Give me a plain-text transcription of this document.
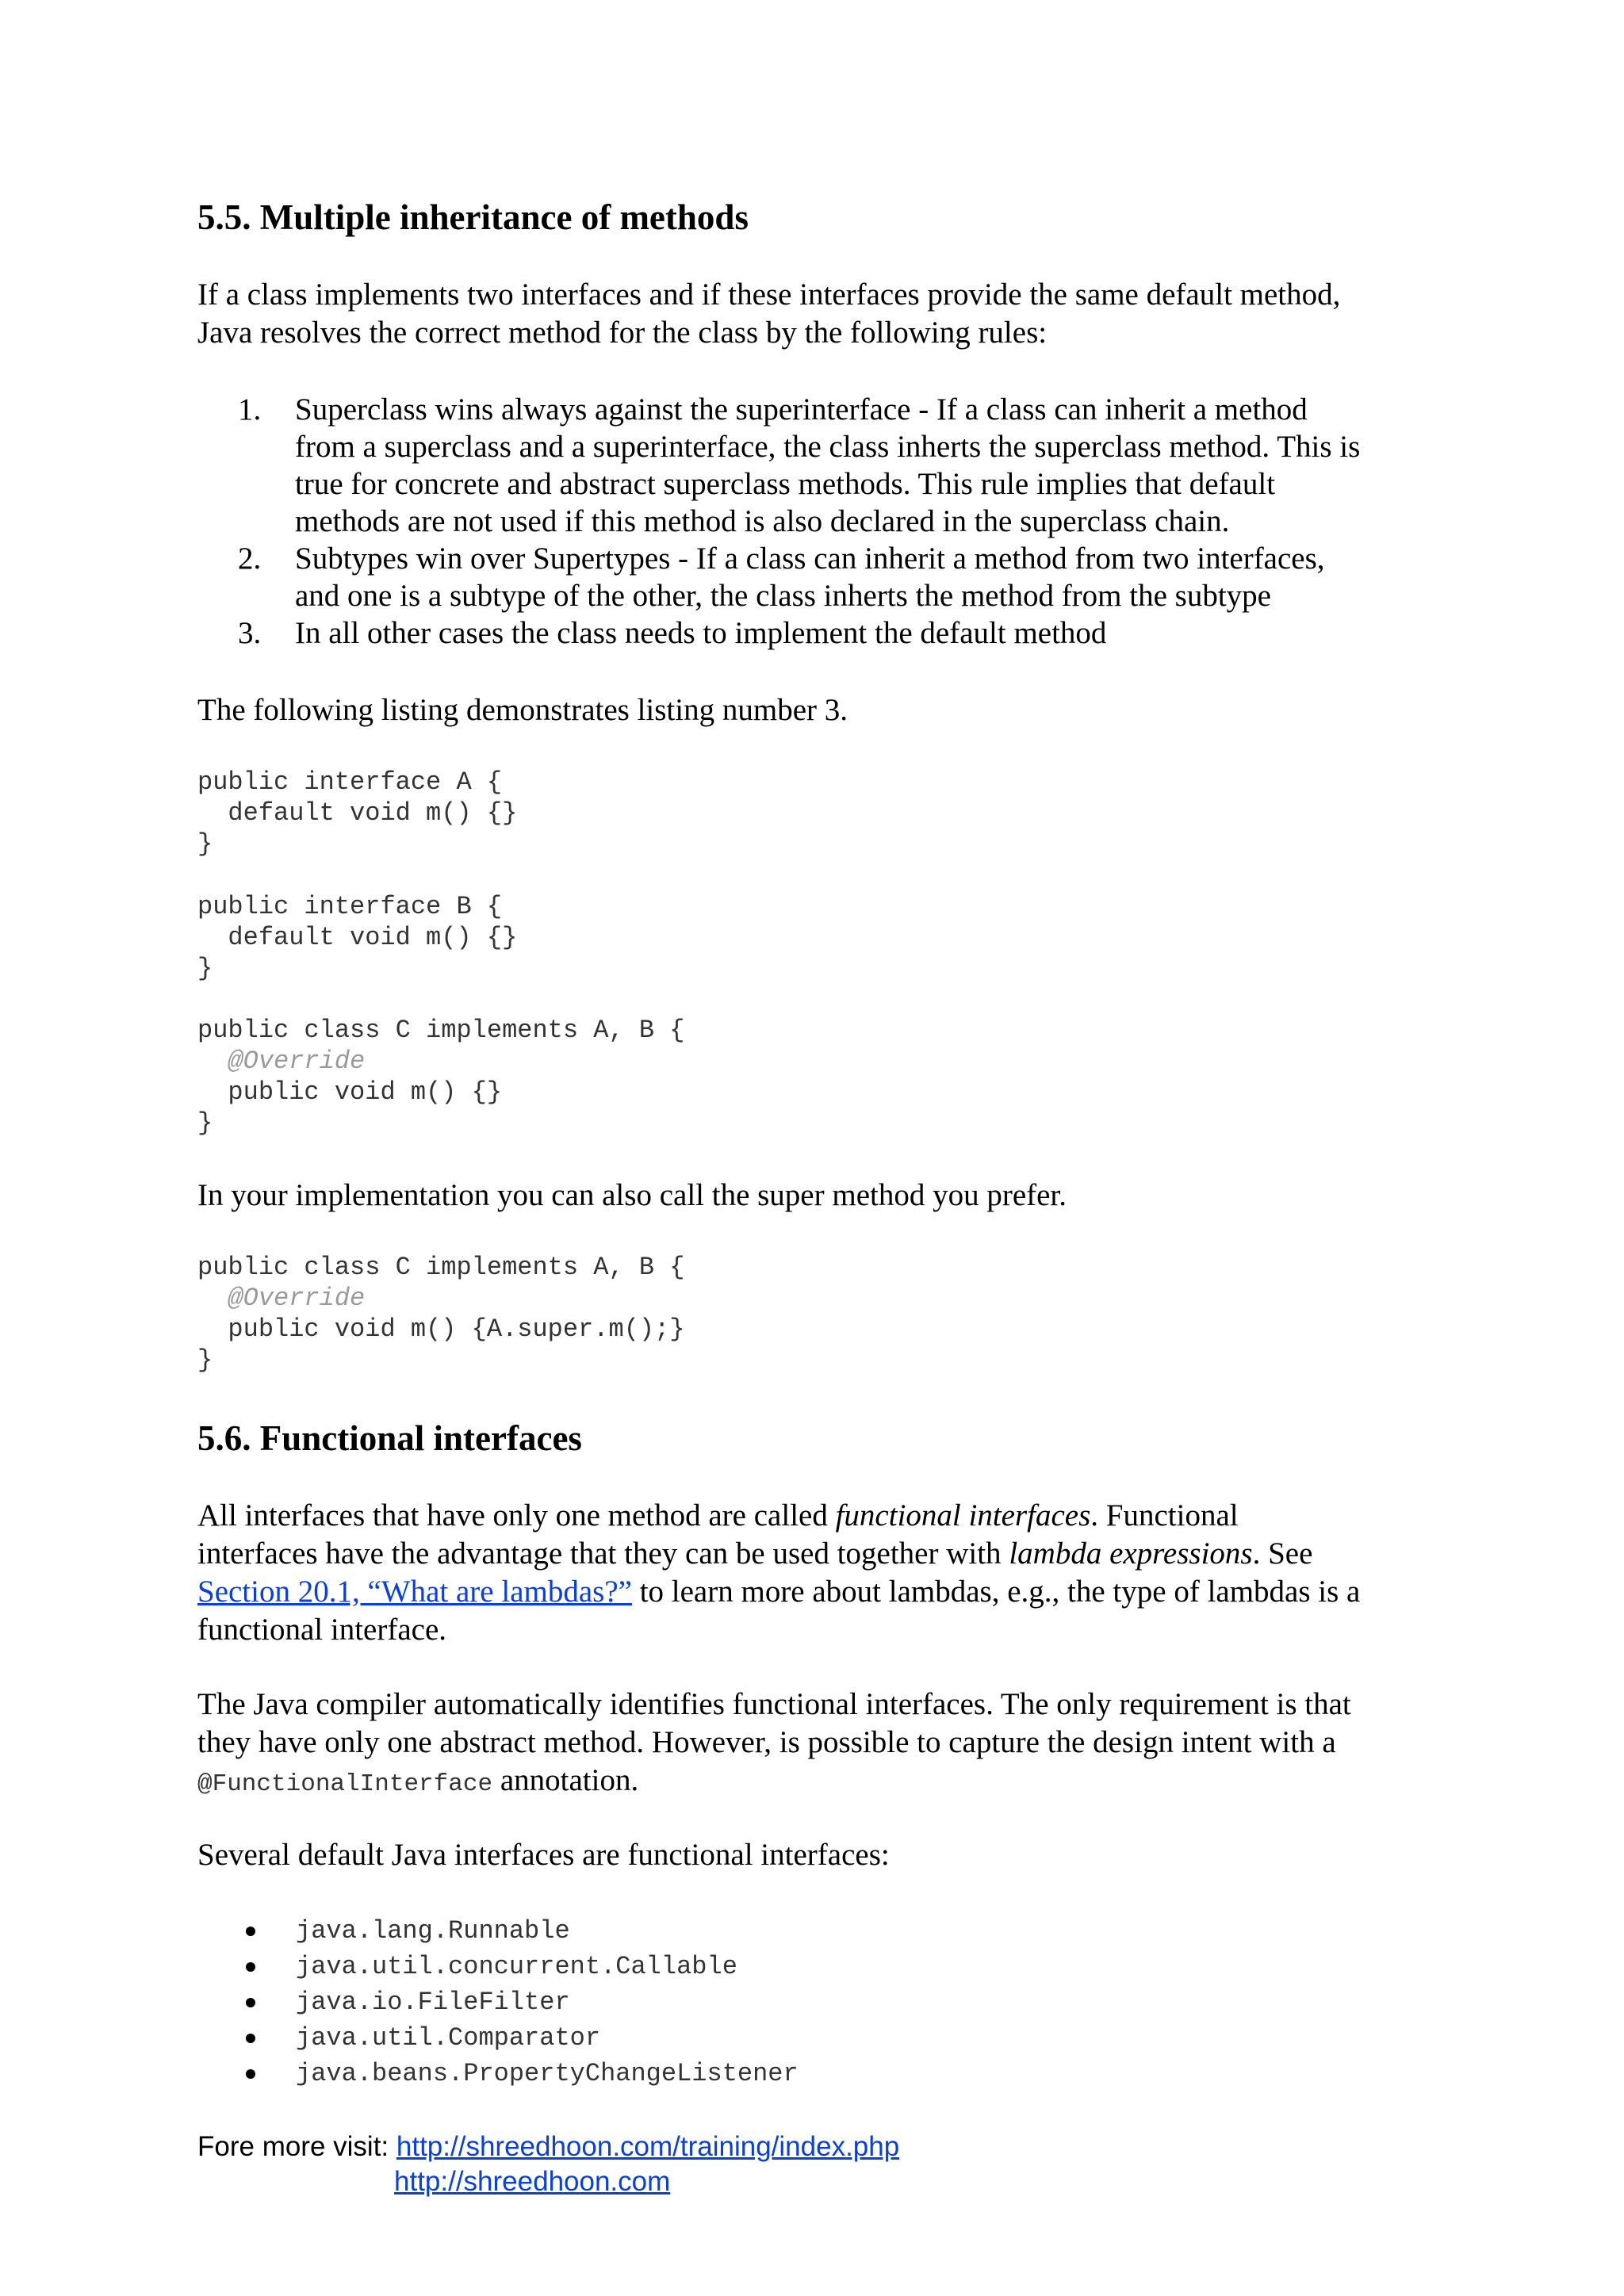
5.5. Multiple inheritance of methods

If a class implements two interfaces and if these interfaces provide the same default method,
Java resolves the correct method for the class by the following rules:

1.	Superclass wins always against the superinterface - If a class can inherit a method
from a superclass and a superinterface, the class inherts the superclass method. This is
true for concrete and abstract superclass methods. This rule implies that default
methods are not used if this method is also declared in the superclass chain.
2.	Subtypes win over Supertypes - If a class can inherit a method from two interfaces,
and one is a subtype of the other, the class inherts the method from the subtype
3.	In all other cases the class needs to implement the default method

The following listing demonstrates listing number 3.

public interface A {
default void m() {}
}
public interface B {
default void m() {}
}
public class C implements A, B {
@Override
public void m() {}
}

In your implementation you can also call the super method you prefer.

public class C implements A, B {
@Override
public void m() {A.super.m();}
}
5.6. Functional interfaces

All interfaces that have only one method are called functional interfaces. Functional
interfaces have the advantage that they can be used together with lambda expressions. See
Section 20.1, “What are lambdas?” to learn more about lambdas, e.g., the type of lambdas is a
functional interface.

The Java compiler automatically identifies functional interfaces. The only requirement is that
they have only one abstract method. However, is possible to capture the design intent with a
@FunctionalInterface annotation.

Several default Java interfaces are functional interfaces:

java.lang.Runnable
java.util.concurrent.Callable
java.io.FileFilter
java.util.Comparator
java.beans.PropertyChangeListener
Fore more visit: http://shreedhoon.com/training/index.php
http://shreedhoon.com
